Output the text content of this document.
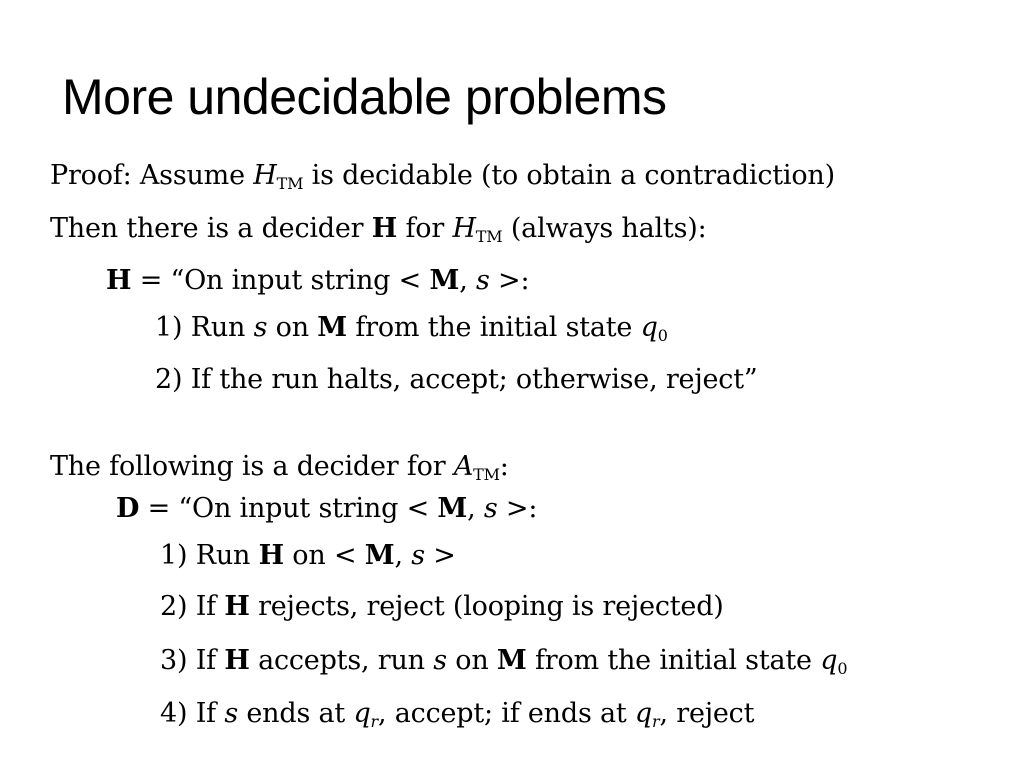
More undecidable problems
Proof: Assume $H_{TM}$ is decidable (to obtain a contradiction)
Then there is a decider H for $H_{TM}$ (always halts):
H = “On input string < M, s >:
1) Run s on M from the initial state $q_0$
2) If the run halts, accept; otherwise, reject”
The following is a decider for $A_{TM}$:
D = “On input string < M, s >:
1) Run H on < M, s >
2) If H rejects, reject (looping is rejected)
3) If H accepts, run s on M from the initial state $q_0$
4) If s ends at qr, accept; if ends at qr, reject
